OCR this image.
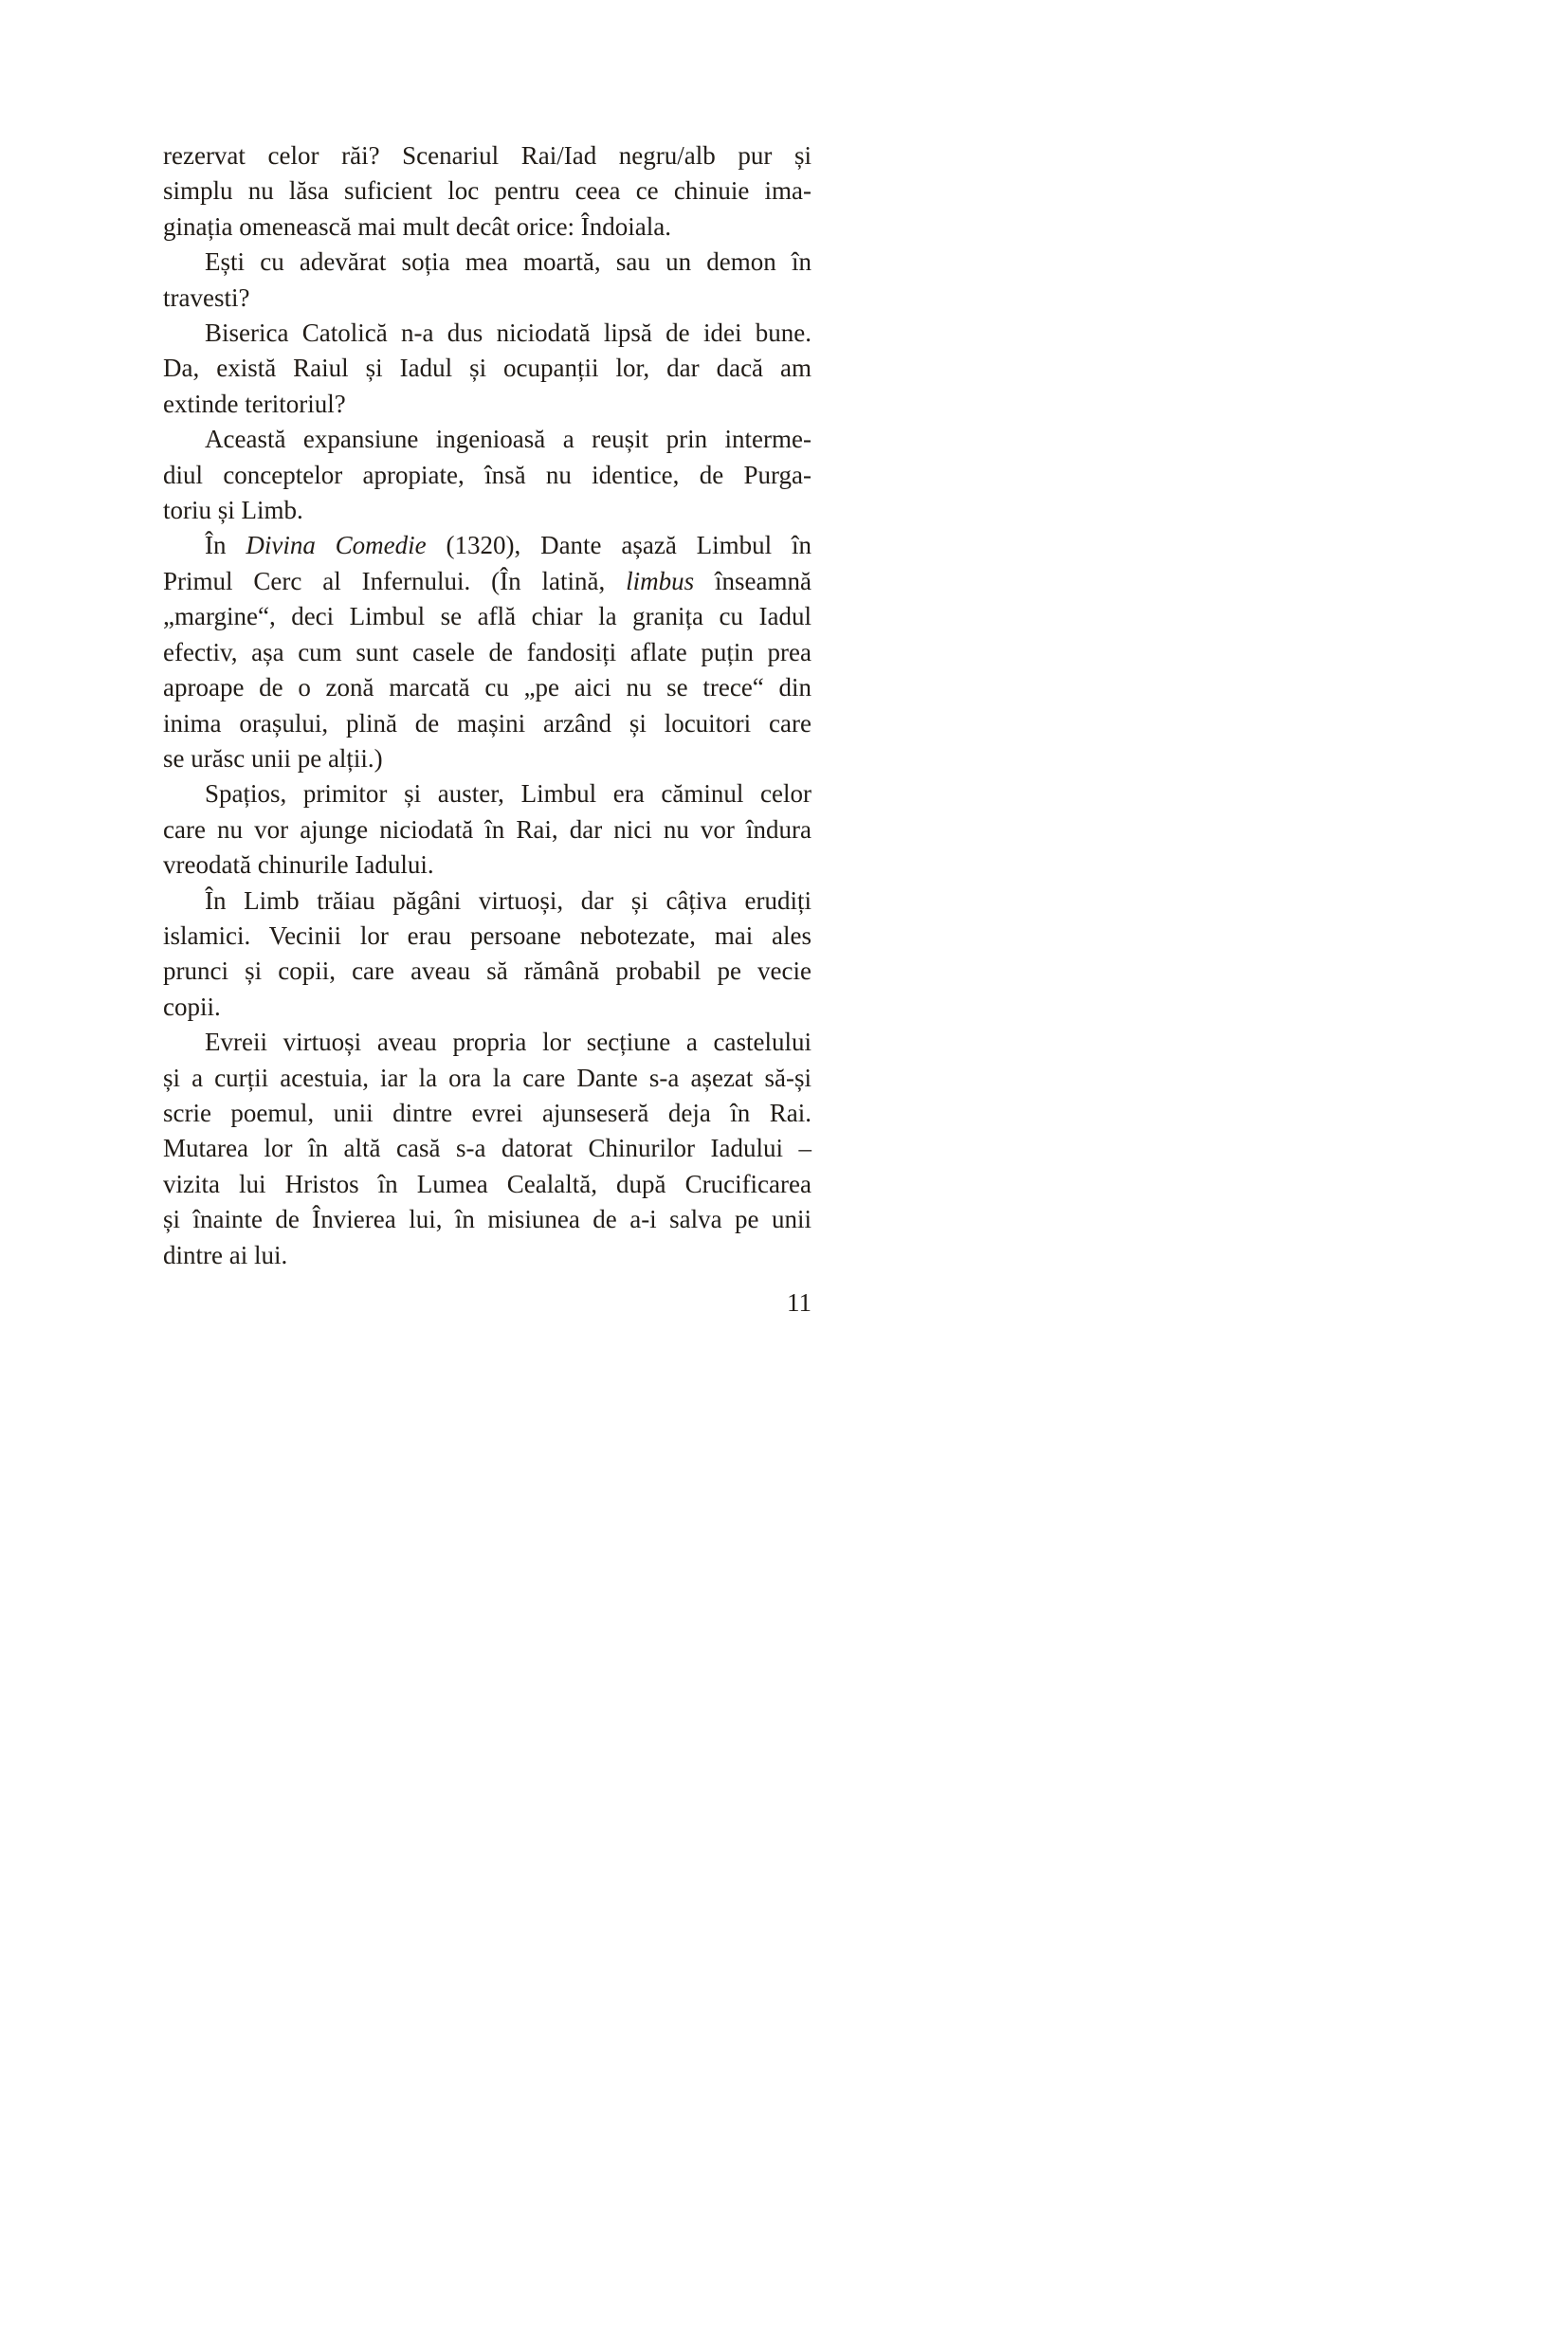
rezervat celor răi? Scenariul Rai/Iad negru/alb pur și
simplu nu lăsa suficient loc pentru ceea ce chinuie ima-
ginația omenească mai mult decât orice: Îndoiala.
Ești cu adevărat soția mea moartă, sau un demon în
travesti?
Biserica Catolică n-a dus niciodată lipsă de idei bune.
Da, există Raiul și Iadul și ocupanții lor, dar dacă am
extinde teritoriul?
Această expansiune ingenioasă a reușit prin interme-
diul conceptelor apropiate, însă nu identice, de Purga-
toriu și Limb.
În Divina Comedie (1320), Dante așază Limbul în
Primul Cerc al Infernului. (În latină, limbus înseamnă
„margine“, deci Limbul se află chiar la granița cu Iadul
efectiv, așa cum sunt casele de fandosiți aflate puțin prea
aproape de o zonă marcată cu „pe aici nu se trece“ din
inima orașului, plină de mașini arzând și locuitori care
se urăsc unii pe alții.)
Spațios, primitor și auster, Limbul era căminul celor
care nu vor ajunge niciodată în Rai, dar nici nu vor îndura
vreodată chinurile Iadului.
În Limb trăiau păgâni virtuoși, dar și câțiva erudiți
islamici. Vecinii lor erau persoane nebotezate, mai ales
prunci și copii, care aveau să rămână probabil pe vecie
copii.
Evreii virtuoși aveau propria lor secțiune a castelului
și a curții acestuia, iar la ora la care Dante s-a așezat să-și
scrie poemul, unii dintre evrei ajunseseră deja în Rai.
Mutarea lor în altă casă s-a datorat Chinurilor Iadului –
vizita lui Hristos în Lumea Cealaltă, după Crucificarea
și înainte de Învierea lui, în misiunea de a-i salva pe unii
dintre ai lui.
11
